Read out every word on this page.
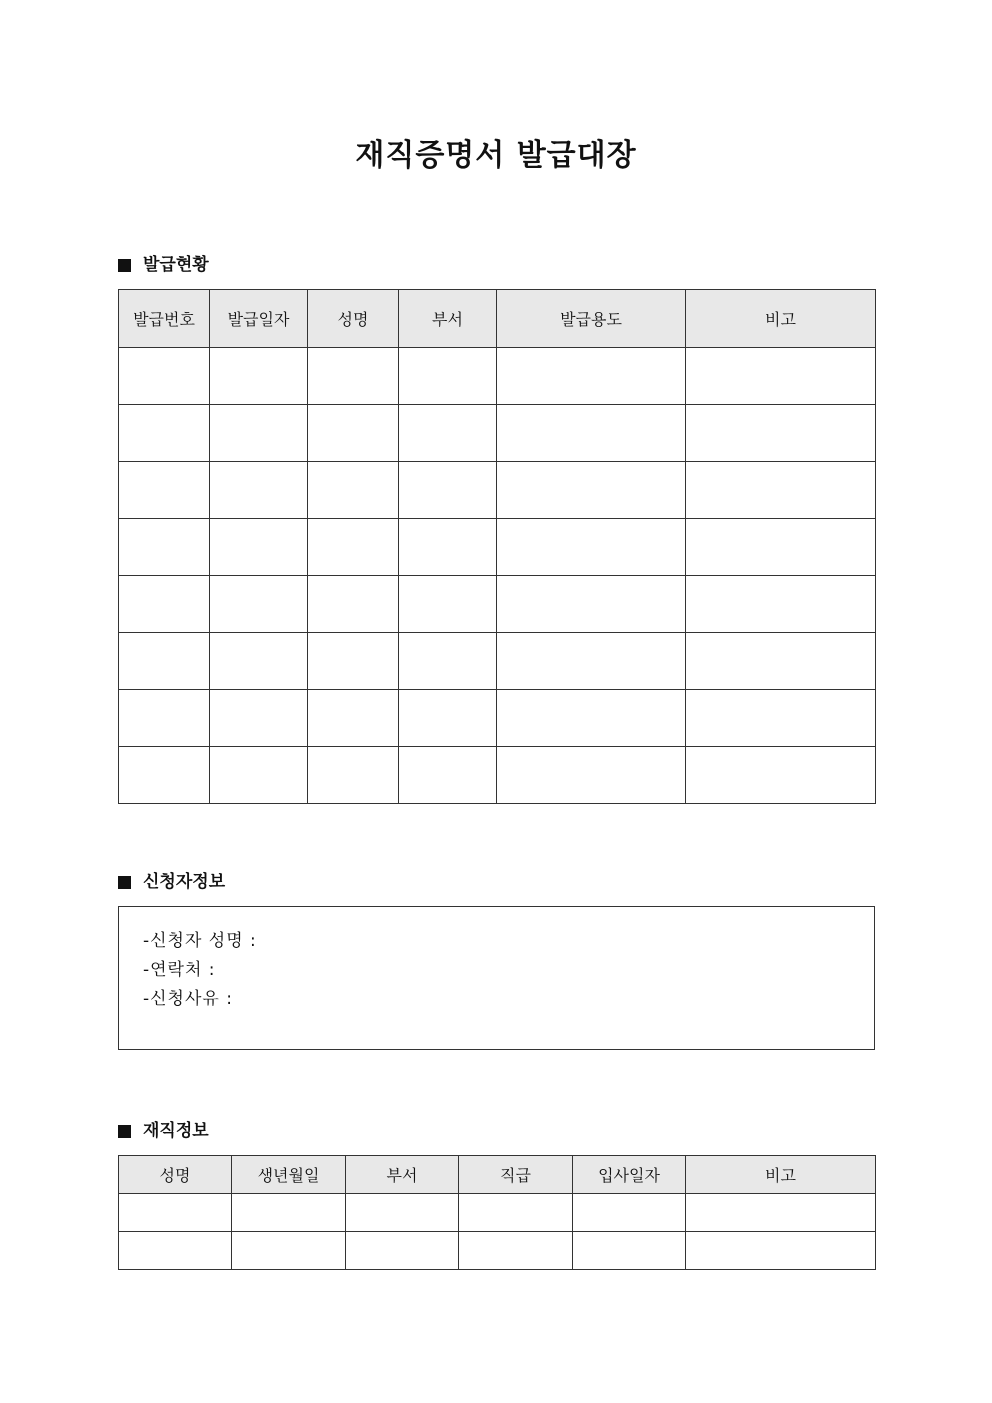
재직증명서 발급대장
발급현황
발급번호	발급일자	성명	부서	발급용도	비고

신청자정보
-신청자 성명 :
-연락처 :
-신청사유 :
재직정보
성명	생년월일	부서	직급	입사일자	비고
